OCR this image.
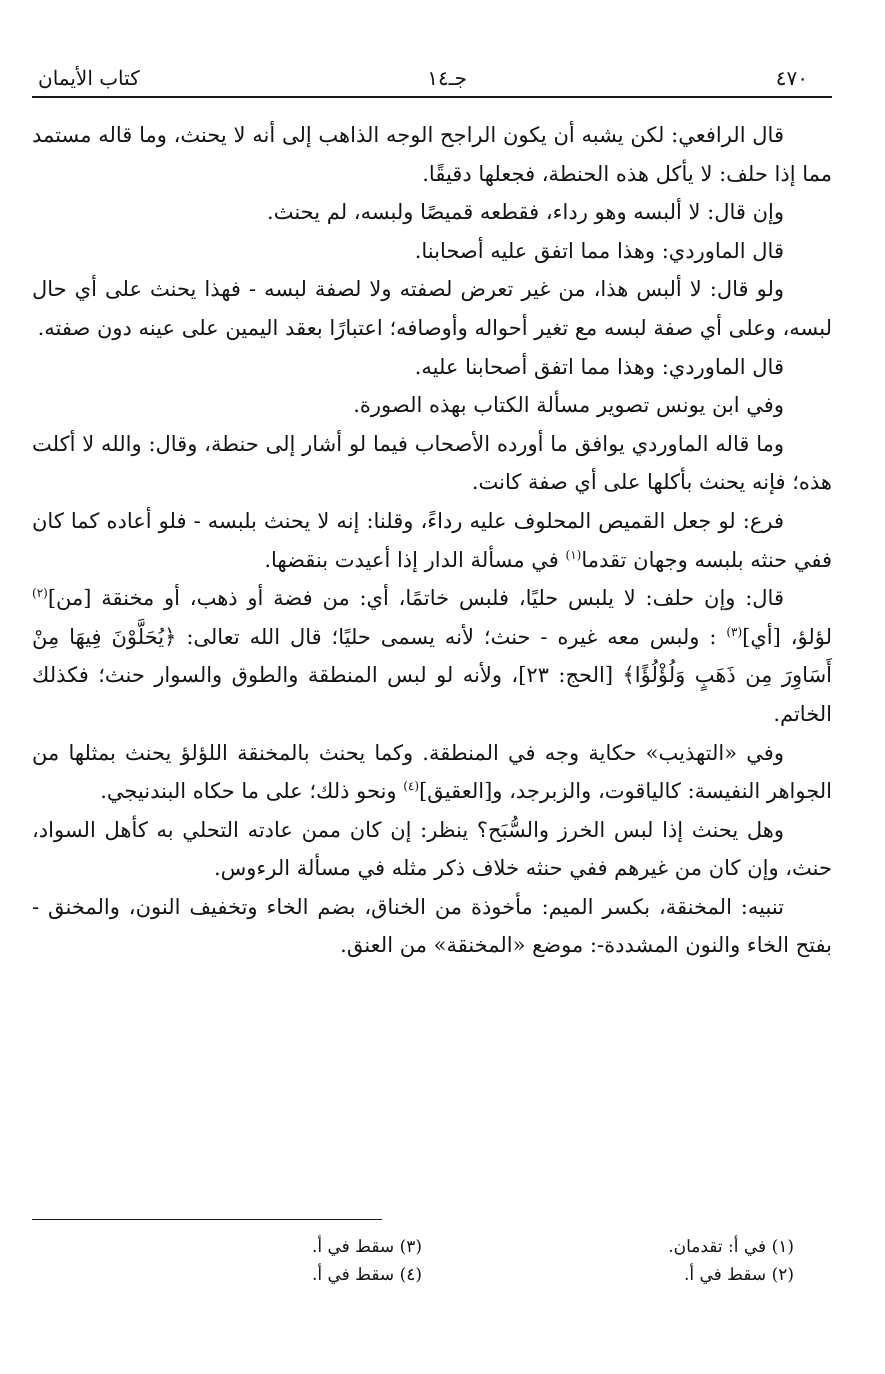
٤٧٠
جـ١٤
كتاب الأيمان

قال الرافعي: لكن يشبه أن يكون الراجح الوجه الذاهب إلى أنه لا يحنث، وما قاله مستمد مما إذا حلف: لا يأكل هذه الحنطة، فجعلها دقيقًا.

وإن قال: لا ألبسه وهو رداء، فقطعه قميصًا ولبسه، لم يحنث.

قال الماوردي: وهذا مما اتفق عليه أصحابنا.

ولو قال: لا ألبس هذا، من غير تعرض لصفته ولا لصفة لبسه - فهذا يحنث على أي حال لبسه، وعلى أي صفة لبسه مع تغير أحواله وأوصافه؛ اعتبارًا بعقد اليمين على عينه دون صفته.

قال الماوردي: وهذا مما اتفق أصحابنا عليه.

وفي ابن يونس تصوير مسألة الكتاب بهذه الصورة.

وما قاله الماوردي يوافق ما أورده الأصحاب فيما لو أشار إلى حنطة، وقال: والله لا أكلت هذه؛ فإنه يحنث بأكلها على أي صفة كانت.

فرع: لو جعل القميص المحلوف عليه رداءً، وقلنا: إنه لا يحنث بلبسه - فلو أعاده كما كان ففي حنثه بلبسه وجهان تقدما$^{(١)}$ في مسألة الدار إذا أعيدت بنقضها.

قال: وإن حلف: لا يلبس حليًا، فلبس خاتمًا، أي: من فضة أو ذهب، أو مخنقة [من]$^{(٢)}$ لؤلؤ، [أي]$^{(٣)}$ : ولبس معه غيره - حنث؛ لأنه يسمى حليًا؛ قال الله تعالى: ﴿يُحَلَّوْنَ فِيهَا مِنْ أَسَاوِرَ مِن ذَهَبٍ وَلُؤْلُؤًا﴾ [الحج: ٢٣]، ولأنه لو لبس المنطقة والطوق والسوار حنث؛ فكذلك الخاتم.

وفي «التهذيب» حكاية وجه في المنطقة. وكما يحنث بالمخنقة اللؤلؤ يحنث بمثلها من الجواهر النفيسة: كالياقوت، والزبرجد، و[العقيق]$^{(٤)}$ ونحو ذلك؛ على ما حكاه البندنيجي.

وهل يحنث إذا لبس الخرز والسُّبَح؟ ينظر: إن كان ممن عادته التحلي به كأهل السواد، حنث، وإن كان من غيرهم ففي حنثه خلاف ذكر مثله في مسألة الرءوس.

تنبيه: المخنقة، بكسر الميم: مأخوذة من الخناق، بضم الخاء وتخفيف النون، والمخنق - بفتح الخاء والنون المشددة-: موضع «المخنقة» من العنق.

(١) في أ: تقدمان.
(٢) سقط في أ.
(٣) سقط في أ.
(٤) سقط في أ.
